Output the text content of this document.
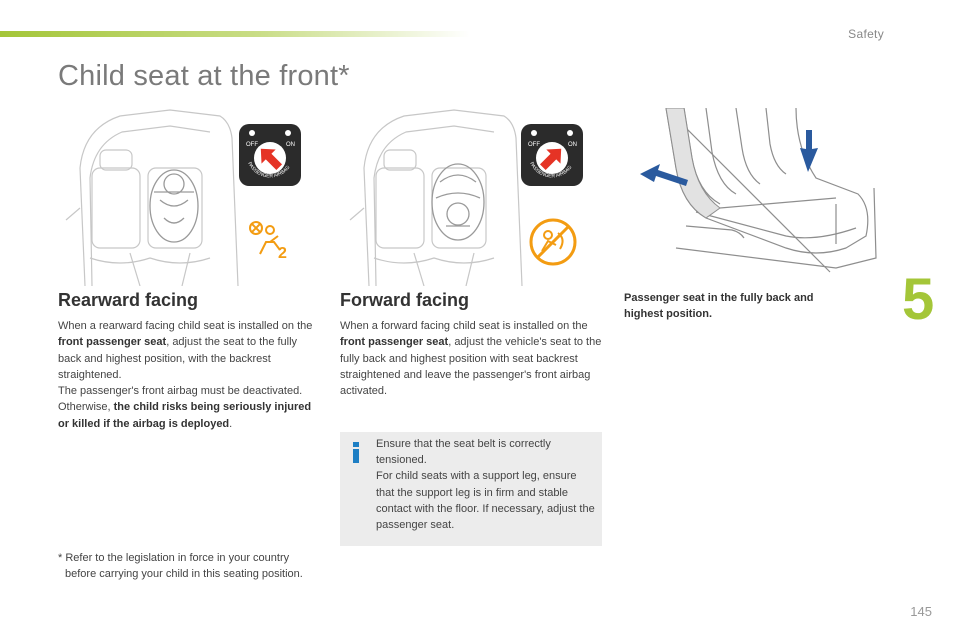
Safety
Child seat at the front*
OFF	ON
PASSENGER AIRBAG
2
OFF	ON
PASSENGER AIRBAG
Rearward facing

When a rearward facing child seat is installed on the front passenger seat, adjust the seat to the fully back and highest position, with the backrest straightened.
The passenger's front airbag must be deactivated. Otherwise, the child risks being seriously injured or killed if the airbag is deployed.

Forward facing

When a forward facing child seat is installed on the front passenger seat, adjust the vehicle's seat to the fully back and highest position with seat backrest straightened and leave the passenger's front airbag activated.

Passenger seat in the fully back and highest position.	5

Ensure that the seat belt is correctly tensioned.
For child seats with a support leg, ensure that the support leg is in firm and stable contact with the floor. If necessary, adjust the passenger seat.

* Refer to the legislation in force in your country before carrying your child in this seating position.

145
